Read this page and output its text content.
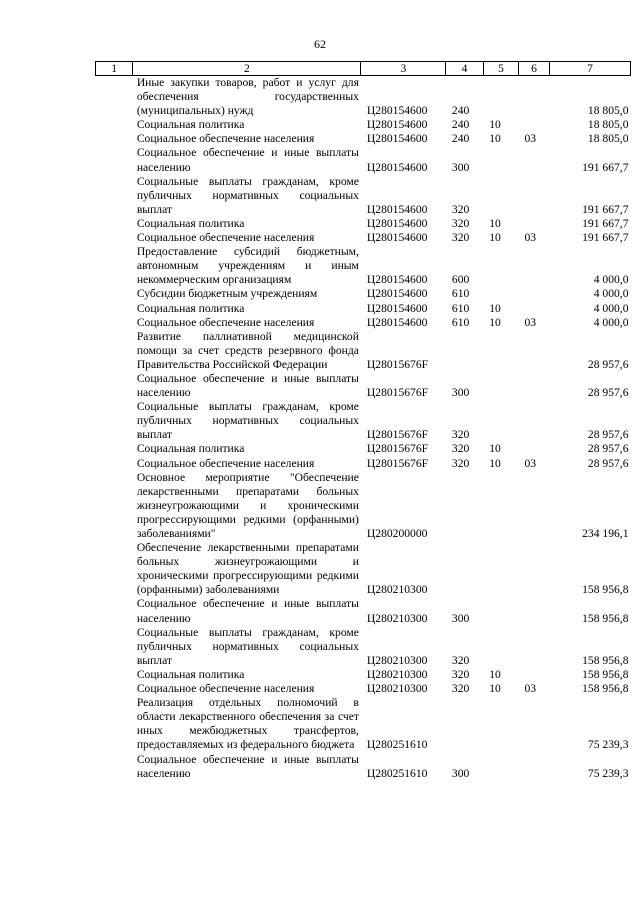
62
1	2	3	4	5	6	7
	Иные закупки товаров, работ и услуг для обеспечения государственных (муниципальных) нужд	Ц280154600	240			18 805,0
	Социальная политика	Ц280154600	240	10		18 805,0
	Социальное обеспечение населения	Ц280154600	240	10	03	18 805,0
	Социальное обеспечение и иные выплаты населению	Ц280154600	300			191 667,7
	Социальные выплаты гражданам, кроме публичных нормативных социальных выплат	Ц280154600	320			191 667,7
	Социальная политика	Ц280154600	320	10		191 667,7
	Социальное обеспечение населения	Ц280154600	320	10	03	191 667,7
	Предоставление субсидий бюджетным, автономным учреждениям и иным некоммерческим организациям	Ц280154600	600			4 000,0
	Субсидии бюджетным учреждениям	Ц280154600	610			4 000,0
	Социальная политика	Ц280154600	610	10		4 000,0
	Социальное обеспечение населения	Ц280154600	610	10	03	4 000,0
	Развитие паллиативной медицинской помощи за счет средств резервного фонда Правительства Российской Федерации	Ц28015676F				28 957,6
	Социальное обеспечение и иные выплаты населению	Ц28015676F	300			28 957,6
	Социальные выплаты гражданам, кроме публичных нормативных социальных выплат	Ц28015676F	320			28 957,6
	Социальная политика	Ц28015676F	320	10		28 957,6
	Социальное обеспечение населения	Ц28015676F	320	10	03	28 957,6
	Основное мероприятие "Обеспечение лекарственными препаратами больных жизнеугрожающими и хроническими прогрессирующими редкими (орфанными) заболеваниями"	Ц280200000				234 196,1
	Обеспечение лекарственными препаратами больных жизнеугрожающими и хроническими прогрессирующими редкими (орфанными) заболеваниями	Ц280210300				158 956,8
	Социальное обеспечение и иные выплаты населению	Ц280210300	300			158 956,8
	Социальные выплаты гражданам, кроме публичных нормативных социальных выплат	Ц280210300	320			158 956,8
	Социальная политика	Ц280210300	320	10		158 956,8
	Социальное обеспечение населения	Ц280210300	320	10	03	158 956,8
	Реализация отдельных полномочий в области лекарственного обеспечения за счет иных межбюджетных трансфертов, предоставляемых из федерального бюджета	Ц280251610				75 239,3
	Социальное обеспечение и иные выплаты населению	Ц280251610	300			75 239,3
